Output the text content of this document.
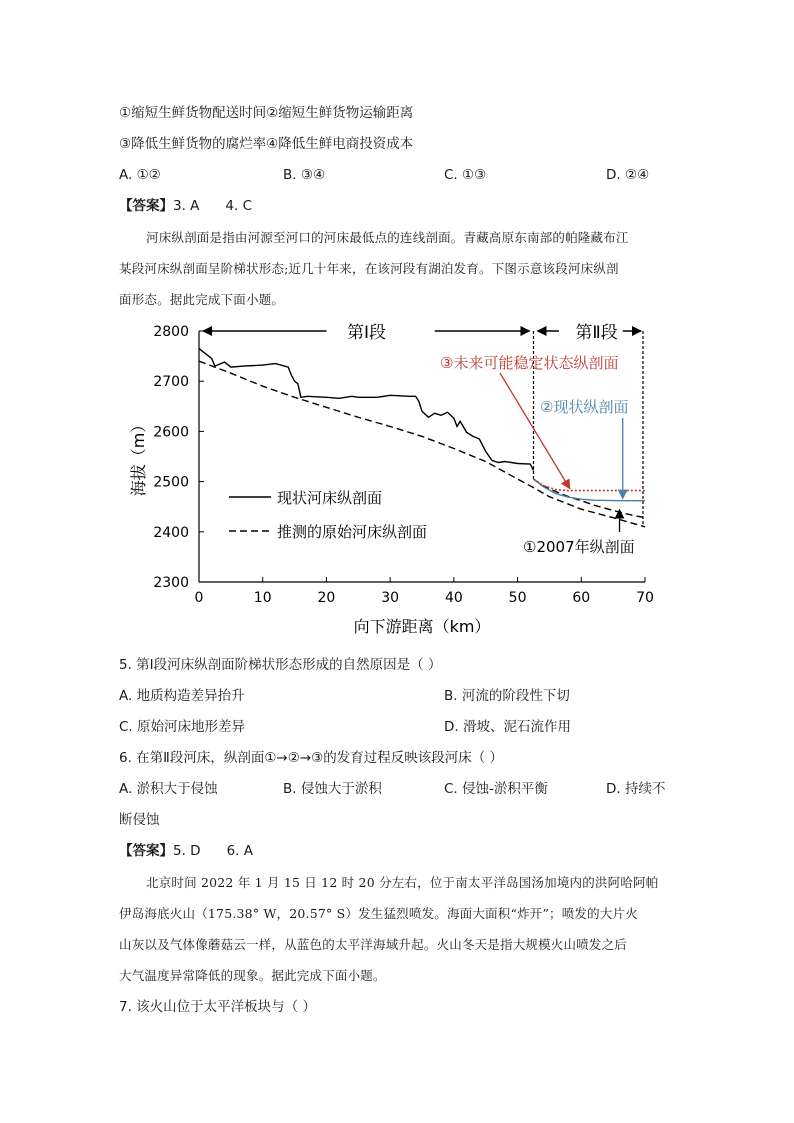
①缩短生鲜货物配送时间②缩短生鲜货物运输距离
③降低生鲜货物的腐烂率④降低生鲜电商投资成本
A. ①②	B. ③④	C. ①③	D. ②④
【答案】3. A 4. C
河床纵剖面是指由河源至河口的河床最低点的连线剖面。青藏高原东南部的帕隆藏布江
某段河床纵剖面呈阶梯状形态;近几十年来，在该河段有湖泊发育。下图示意该段河床纵剖
面形态。据此完成下面小题。
2800
2700
2600
2500
2400
2300
0	10	20	30	40	50	60	70
向下游距离（km）
海拔（m）
第Ⅰ段	第Ⅱ段
现状河床纵剖面
推测的原始河床纵剖面
③未来可能稳定状态纵剖面
②现状纵剖面
①2007年纵剖面
5. 第Ⅰ段河床纵剖面阶梯状形态形成的自然原因是（ ）
A. 地质构造差异抬升	B. 河流的阶段性下切
C. 原始河床地形差异	D. 滑坡、泥石流作用
6. 在第Ⅱ段河床，纵剖面①→②→③的发育过程反映该段河床（ ）
A. 淤积大于侵蚀	B. 侵蚀大于淤积	C. 侵蚀-淤积平衡	D. 持续不
断侵蚀
【答案】5. D 6. A
北京时间 2022 年 1 月 15 日 12 时 20 分左右，位于南太平洋岛国汤加境内的洪阿哈阿帕
伊岛海底火山（175.38° W，20.57° S）发生猛烈喷发。海面大面积“炸开”；喷发的大片火
山灰以及气体像蘑菇云一样，从蓝色的太平洋海域升起。火山冬天是指大规模火山喷发之后
大气温度异常降低的现象。据此完成下面小题。
7. 该火山位于太平洋板块与（ ）
